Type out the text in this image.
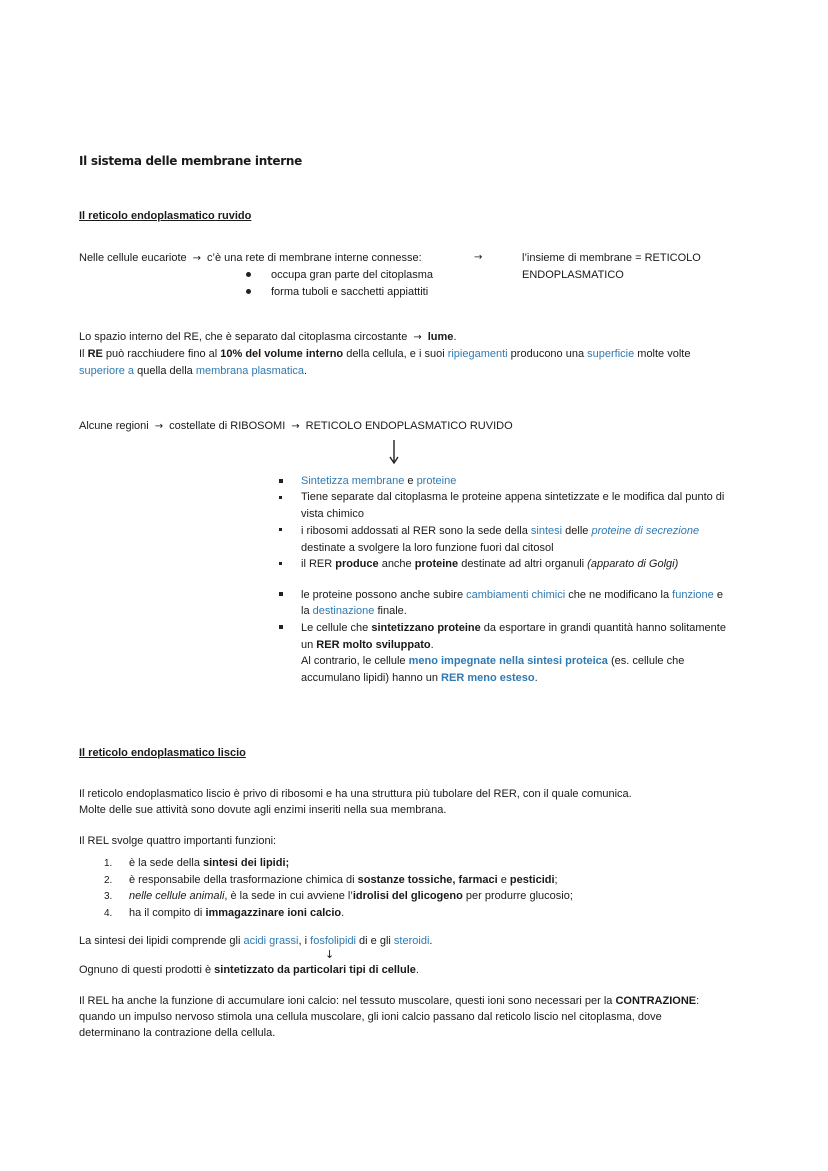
Il sistema delle membrane interne
Il reticolo endoplasmatico ruvido
Nelle cellule eucariote → c’è una rete di membrane interne connesse:	→	l’insieme di membrane = RETICOLO
ENDOPLASMATICO
occupa gran parte del citoplasma
forma tuboli e sacchetti appiattiti
Lo spazio interno del RE, che è separato dal citoplasma circostante → lume.
Il RE può racchiudere fino al 10% del volume interno della cellula, e i suoi ripiegamenti producono una superficie molte volte
superiore a quella della membrana plasmatica.
Alcune regioni → costellate di RIBOSOMI → RETICOLO ENDOPLASMATICO RUVIDO
Sintetizza membrane e proteine
Tiene separate dal citoplasma le proteine appena sintetizzate e le modifica dal punto di
vista chimico
i ribosomi addossati al RER sono la sede della sintesi delle proteine di secrezione
destinate a svolgere la loro funzione fuori dal citosol
il RER produce anche proteine destinate ad altri organuli (apparato di Golgi)
le proteine possono anche subire cambiamenti chimici che ne modificano la funzione e
la destinazione finale.
Le cellule che sintetizzano proteine da esportare in grandi quantità hanno solitamente
un RER molto sviluppato.
Al contrario, le cellule meno impegnate nella sintesi proteica (es. cellule che
accumulano lipidi) hanno un RER meno esteso.
Il reticolo endoplasmatico liscio
Il reticolo endoplasmatico liscio è privo di ribosomi e ha una struttura più tubolare del RER, con il quale comunica.
Molte delle sue attività sono dovute agli enzimi inseriti nella sua membrana.
Il REL svolge quattro importanti funzioni:
1.	è la sede della sintesi dei lipidi;
2.	è responsabile della trasformazione chimica di sostanze tossiche, farmaci e pesticidi;
3.	nelle cellule animali, è la sede in cui avviene l’idrolisi del glicogeno per produrre glucosio;
4.	ha il compito di immagazzinare ioni calcio.
La sintesi dei lipidi comprende gli acidi grassi, i fosfolipidi di e gli steroidi.
↓
Ognuno di questi prodotti è sintetizzato da particolari tipi di cellule.
Il REL ha anche la funzione di accumulare ioni calcio: nel tessuto muscolare, questi ioni sono necessari per la CONTRAZIONE:
quando un impulso nervoso stimola una cellula muscolare, gli ioni calcio passano dal reticolo liscio nel citoplasma, dove
determinano la contrazione della cellula.
